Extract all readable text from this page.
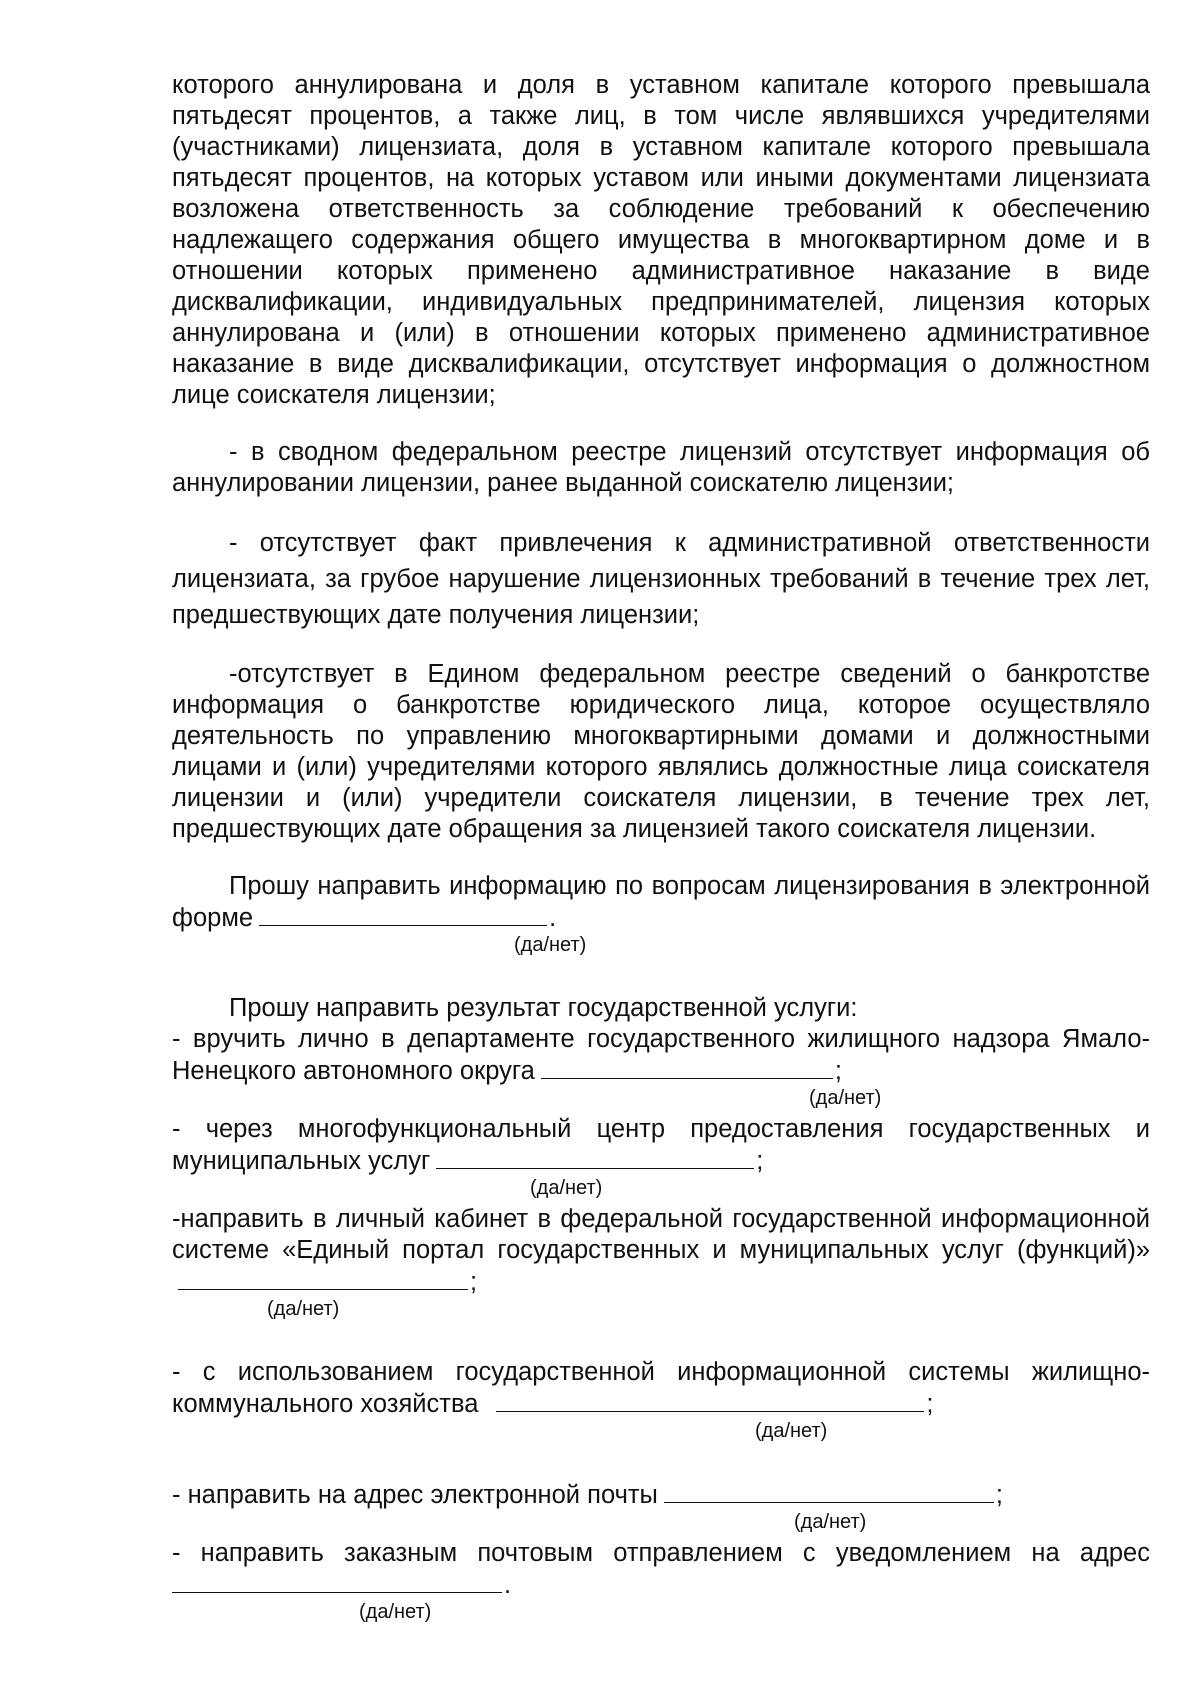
которого аннулирована и доля в уставном капитале которого превышала пятьдесят процентов, а также лиц, в том числе являвшихся учредителями (участниками) лицензиата, доля в уставном капитале которого превышала пятьдесят процентов, на которых уставом или иными документами лицензиата возложена ответственность за соблюдение требований к обеспечению надлежащего содержания общего имущества в многоквартирном доме и в отношении которых применено административное наказание в виде дисквалификации, индивидуальных предпринимателей, лицензия которых аннулирована и (или) в отношении которых применено административное наказание в виде дисквалификации, отсутствует информация о должностном лице соискателя лицензии;

- в сводном федеральном реестре лицензий отсутствует информация об аннулировании лицензии, ранее выданной соискателю лицензии;

- отсутствует факт привлечения к административной ответственности лицензиата, за грубое нарушение лицензионных требований в течение трех лет, предшествующих дате получения лицензии;

-отсутствует в Едином федеральном реестре сведений о банкротстве информация о банкротстве юридического лица, которое осуществляло деятельность по управлению многоквартирными домами и должностными лицами и (или) учредителями которого являлись должностные лица соискателя лицензии и (или) учредители соискателя лицензии, в течение трех лет, предшествующих дате обращения за лицензией такого соискателя лицензии.

Прошу направить информацию по вопросам лицензирования в электронной форме	.

(да/нет)

Прошу направить результат государственной услуги:

- вручить лично в департаменте государственного жилищного надзора Ямало-Ненецкого автономного округа	;

(да/нет)

- через многофункциональный центр предоставления государственных и муниципальных услуг	;

(да/нет)

-направить в личный кабинет в федеральной государственной информационной системе «Единый портал государственных и муниципальных услуг (функций)»;

(да/нет)

- с использованием государственной информационной системы жилищно-коммунального хозяйства	;

(да/нет)

- направить на адрес электронной почты	;

(да/нет)

- направить заказным почтовым отправлением с уведомлением на адрес.

(да/нет)
